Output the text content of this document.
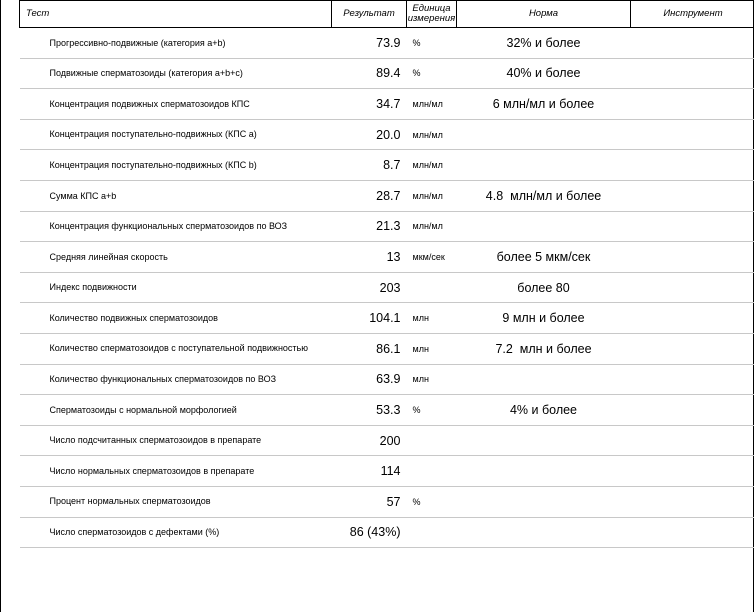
Тест	Результат	Единица измерения	Норма	Инструмент
Прогрессивно-подвижные (категория a+b)	73.9	%	32% и более	
Подвижные сперматозоиды (категория a+b+c)	89.4	%	40% и более	
Концентрация подвижных сперматозоидов КПС	34.7	млн/мл	6 млн/мл и более	
Концентрация поступательно-подвижных (КПС a)	20.0	млн/мл		
Концентрация поступательно-подвижных (КПС b)	8.7	млн/мл		
Сумма КПС a+b	28.7	млн/мл	4.8  млн/мл и более	
Концентрация функциональных сперматозоидов по ВОЗ	21.3	млн/мл		
Средняя линейная скорость	13	мкм/сек	более 5 мкм/сек	
Индекс подвижности	203		более 80	
Количество подвижных сперматозоидов	104.1	млн	9 млн и более	
Количество сперматозоидов с поступательной подвижностью	86.1	млн	7.2  млн и более	
Количество функциональных сперматозоидов по ВОЗ	63.9	млн		
Сперматозоиды с нормальной морфологией	53.3	%	4% и более	
Число подсчитанных сперматозоидов в препарате	200			
Число нормальных сперматозоидов в препарате	114			
Процент нормальных сперматозоидов	57	%		
Число сперматозоидов с дефектами (%)	86 (43%)			
